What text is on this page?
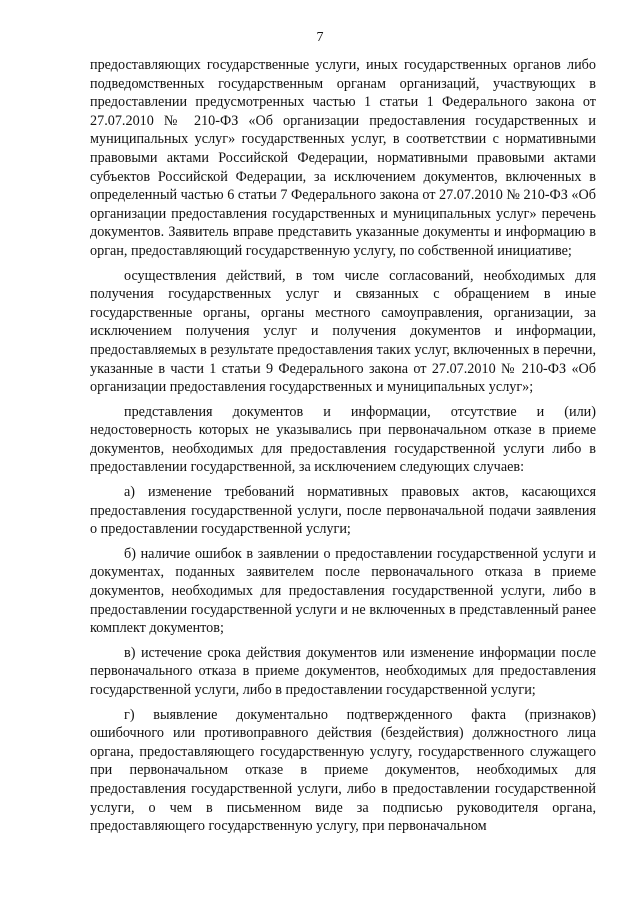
7

предоставляющих государственные услуги, иных государственных органов либо подведомственных государственным органам организаций, участвующих в предоставлении предусмотренных частью 1 статьи 1 Федерального закона от 27.07.2010 № 210-ФЗ «Об организации предоставления государственных и муниципальных услуг» государственных услуг, в соответствии с нормативными правовыми актами Российской Федерации, нормативными правовыми актами субъектов Российской Федерации, за исключением документов, включенных в определенный частью 6 статьи 7 Федерального закона от 27.07.2010 № 210-ФЗ «Об организации предоставления государственных и муниципальных услуг» перечень документов. Заявитель вправе представить указанные документы и информацию в орган, предоставляющий государственную услугу, по собственной инициативе;

осуществления действий, в том числе согласований, необходимых для получения государственных услуг и связанных с обращением в иные государственные органы, органы местного самоуправления, организации, за исключением получения услуг и получения документов и информации, предоставляемых в результате предоставления таких услуг, включенных в перечни, указанные в части 1 статьи 9 Федерального закона от 27.07.2010 № 210-ФЗ «Об организации предоставления государственных и муниципальных услуг»;

представления документов и информации, отсутствие и (или) недостоверность которых не указывались при первоначальном отказе в приеме документов, необходимых для предоставления государственной услуги либо в предоставлении государственной, за исключением следующих случаев:

а) изменение требований нормативных правовых актов, касающихся предоставления государственной услуги, после первоначальной подачи заявления о предоставлении государственной услуги;

б) наличие ошибок в заявлении о предоставлении государственной услуги и документах, поданных заявителем после первоначального отказа в приеме документов, необходимых для предоставления государственной услуги, либо в предоставлении государственной услуги и не включенных в представленный ранее комплект документов;

в) истечение срока действия документов или изменение информации после первоначального отказа в приеме документов, необходимых для предоставления государственной услуги, либо в предоставлении государственной услуги;

г) выявление документально подтвержденного факта (признаков) ошибочного или противоправного действия (бездействия) должностного лица органа, предоставляющего государственную услугу, государственного служащего при первоначальном отказе в приеме документов, необходимых для предоставления государственной услуги, либо в предоставлении государственной услуги, о чем в письменном виде за подписью руководителя органа, предоставляющего государственную услугу, при первоначальном
